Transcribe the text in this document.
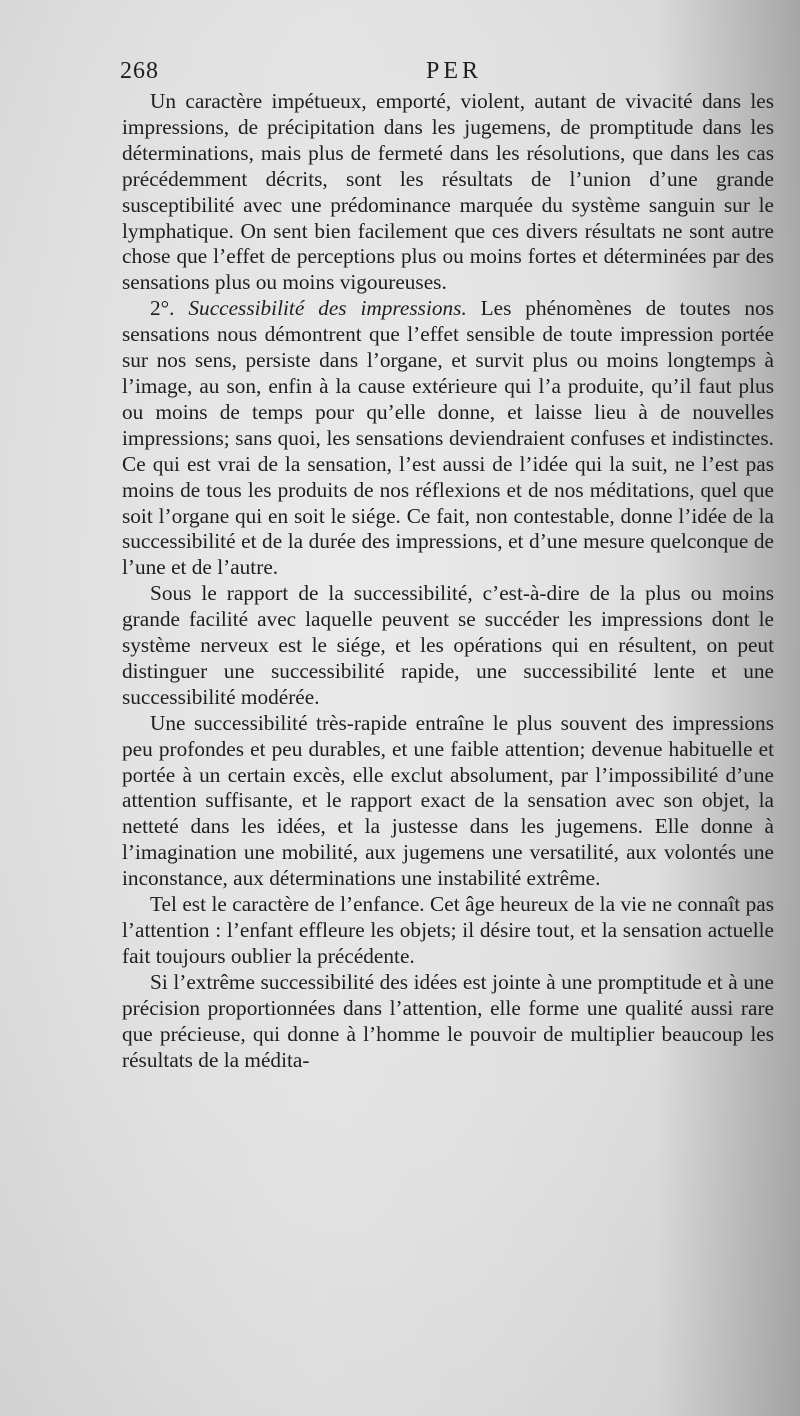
268	PER

Un caractère impétueux, emporté, violent, autant de vivacité dans les impressions, de précipitation dans les jugemens, de promptitude dans les déterminations, mais plus de fermeté dans les résolutions, que dans les cas précédemment décrits, sont les résultats de l’union d’une grande susceptibilité avec une prédominance marquée du système sanguin sur le lymphatique. On sent bien facilement que ces divers résultats ne sont autre chose que l’effet de perceptions plus ou moins fortes et déterminées par des sensations plus ou moins vigoureuses.

2°. Successibilité des impressions. Les phénomènes de toutes nos sensations nous démontrent que l’effet sensible de toute impression portée sur nos sens, persiste dans l’organe, et survit plus ou moins longtemps à l’image, au son, enfin à la cause extérieure qui l’a produite, qu’il faut plus ou moins de temps pour qu’elle donne, et laisse lieu à de nouvelles impressions; sans quoi, les sensations deviendraient confuses et indistinctes. Ce qui est vrai de la sensation, l’est aussi de l’idée qui la suit, ne l’est pas moins de tous les produits de nos réflexions et de nos méditations, quel que soit l’organe qui en soit le siége. Ce fait, non contestable, donne l’idée de la successibilité et de la durée des impressions, et d’une mesure quelconque de l’une et de l’autre.

Sous le rapport de la successibilité, c’est-à-dire de la plus ou moins grande facilité avec laquelle peuvent se succéder les impressions dont le système nerveux est le siége, et les opérations qui en résultent, on peut distinguer une successibilité rapide, une successibilité lente et une successibilité modérée.

Une successibilité très-rapide entraîne le plus souvent des impressions peu profondes et peu durables, et une faible attention; devenue habituelle et portée à un certain excès, elle exclut absolument, par l’impossibilité d’une attention suffisante, et le rapport exact de la sensation avec son objet, la netteté dans les idées, et la justesse dans les jugemens. Elle donne à l’imagination une mobilité, aux jugemens une versatilité, aux volontés une inconstance, aux déterminations une instabilité extrême.

Tel est le caractère de l’enfance. Cet âge heureux de la vie ne connaît pas l’attention : l’enfant effleure les objets; il désire tout, et la sensation actuelle fait toujours oublier la précédente.

Si l’extrême successibilité des idées est jointe à une promptitude et à une précision proportionnées dans l’attention, elle forme une qualité aussi rare que précieuse, qui donne à l’homme le pouvoir de multiplier beaucoup les résultats de la médita-
